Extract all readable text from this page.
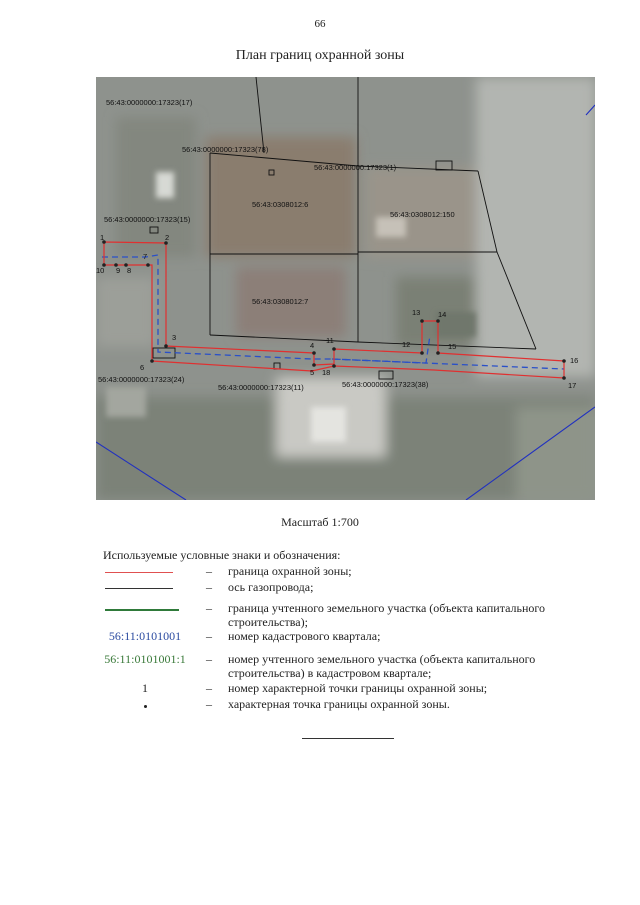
66
План границ охранной зоны
56:43:0000000:17323(17)
56:43:0000000:17323(78)
56:43:0000000:17323(1)
56:43:0308012:6
56:43:0308012:150
56:43:0000000:17323(15)
56:43:0308012:7
56:43:0000000:17323(24)
56:43:0000000:17323(11)	56:43:0000000:17323(38)
1	2
3
4
5
6
7
8
9
10
11	12
13 14
15
16
17
18
Масштаб 1:700
Используемые условные знаки и обозначения:
– граница охранной зоны;
– ось газопровода;
– граница учтенного земельного участка (объекта капитального строительства);
56:11:0101001	– номер кадастрового квартала;
56:11:0101001:1	– номер учтенного земельного участка (объекта капитального строительства) в кадастровом квартале;
1	– номер характерной точки границы охранной зоны;
– характерная точка границы охранной зоны.
